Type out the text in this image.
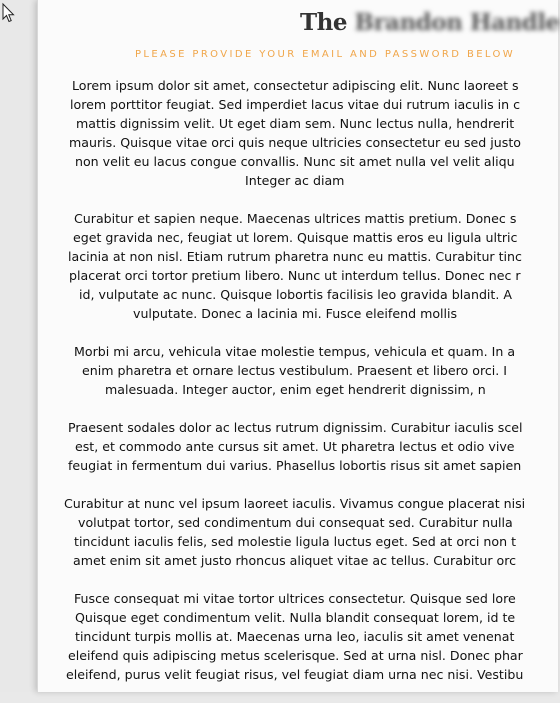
The Brandon Handle
PLEASE PROVIDE YOUR EMAIL AND PASSWORD BELOW
Lorem ipsum dolor sit amet, consectetur adipiscing elit. Nunc laoreet s
lorem porttitor feugiat. Sed imperdiet lacus vitae dui rutrum iaculis in c
mattis dignissim velit. Ut eget diam sem. Nunc lectus nulla, hendrerit
mauris. Quisque vitae orci quis neque ultricies consectetur eu sed justo
non velit eu lacus congue convallis. Nunc sit amet nulla vel velit aliqu
Integer ac diam
Curabitur et sapien neque. Maecenas ultrices mattis pretium. Donec s
eget gravida nec, feugiat ut lorem. Quisque mattis eros eu ligula ultric
lacinia at non nisl. Etiam rutrum pharetra nunc eu mattis. Curabitur tinc
placerat orci tortor pretium libero. Nunc ut interdum tellus. Donec nec r
id, vulputate ac nunc. Quisque lobortis facilisis leo gravida blandit. A
vulputate. Donec a lacinia mi. Fusce eleifend mollis
Morbi mi arcu, vehicula vitae molestie tempus, vehicula et quam. In a
enim pharetra et ornare lectus vestibulum. Praesent et libero orci. I
malesuada. Integer auctor, enim eget hendrerit dignissim, n
Praesent sodales dolor ac lectus rutrum dignissim. Curabitur iaculis scel
est, et commodo ante cursus sit amet. Ut pharetra lectus et odio vive
feugiat in fermentum dui varius. Phasellus lobortis risus sit amet sapien
Curabitur at nunc vel ipsum laoreet iaculis. Vivamus congue placerat nisi
volutpat tortor, sed condimentum dui consequat sed. Curabitur nulla
tincidunt iaculis felis, sed molestie ligula luctus eget. Sed at orci non t
amet enim sit amet justo rhoncus aliquet vitae ac tellus. Curabitur orc
Fusce consequat mi vitae tortor ultrices consectetur. Quisque sed lore
Quisque eget condimentum velit. Nulla blandit consequat lorem, id te
tincidunt turpis mollis at. Maecenas urna leo, iaculis sit amet venenat
eleifend quis adipiscing metus scelerisque. Sed at urna nisl. Donec phar
eleifend, purus velit feugiat risus, vel feugiat diam urna nec nisi. Vestibu
